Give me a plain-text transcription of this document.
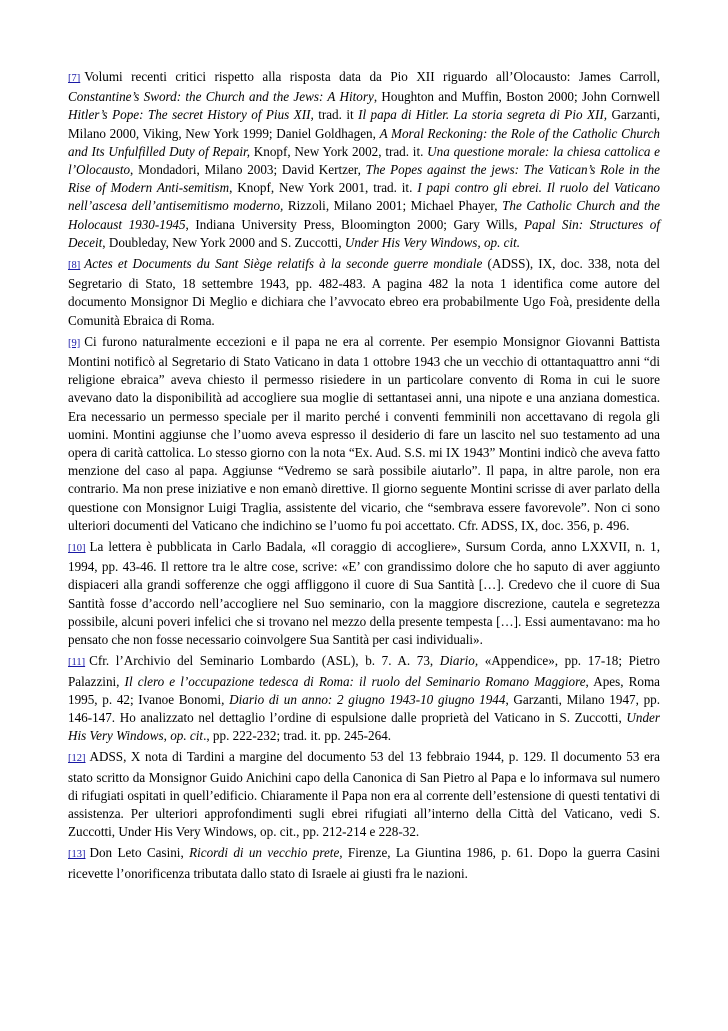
[7] Volumi recenti critici rispetto alla risposta data da Pio XII riguardo all’Olocausto: James Carroll, Constantine’s Sword: the Church and the Jews: A Hitory, Houghton and Muffin, Boston 2000; John Cornwell Hitler’s Pope: The secret History of Pius XII, trad. it Il papa di Hitler. La storia segreta di Pio XII, Garzanti, Milano 2000, Viking, New York 1999; Daniel Goldhagen, A Moral Reckoning: the Role of the Catholic Church and Its Unfulfilled Duty of Repair, Knopf, New York 2002, trad. it. Una questione morale: la chiesa cattolica e l’Olocausto, Mondadori, Milano 2003; David Kertzer, The Popes against the jews: The Vatican’s Role in the Rise of Modern Anti-semitism, Knopf, New York 2001, trad. it. I papi contro gli ebrei. Il ruolo del Vaticano nell’ascesa dell’antisemitismo moderno, Rizzoli, Milano 2001; Michael Phayer, The Catholic Church and the Holocaust 1930-1945, Indiana University Press, Bloomington 2000; Gary Wills, Papal Sin: Structures of Deceit, Doubleday, New York 2000 and S. Zuccotti, Under His Very Windows, op. cit.

[8] Actes et Documents du Sant Siège relatifs à la seconde guerre mondiale (ADSS), IX, doc. 338, nota del Segretario di Stato, 18 settembre 1943, pp. 482-483. A pagina 482 la nota 1 identifica come autore del documento Monsignor Di Meglio e dichiara che l’avvocato ebreo era probabilmente Ugo Foà, presidente della Comunità Ebraica di Roma.

[9] Ci furono naturalmente eccezioni e il papa ne era al corrente. Per esempio Monsignor Giovanni Battista Montini notificò al Segretario di Stato Vaticano in data 1 ottobre 1943 che un vecchio di ottantaquattro anni “di religione ebraica” aveva chiesto il permesso risiedere in un particolare convento di Roma in cui le suore avevano dato la disponibilità ad accogliere sua moglie di settantasei anni, una nipote e una anziana domestica. Era necessario un permesso speciale per il marito perché i conventi femminili non accettavano di regola gli uomini. Montini aggiunse che l’uomo aveva espresso il desiderio di fare un lascito nel suo testamento ad una opera di carità cattolica. Lo stesso giorno con la nota “Ex. Aud. S.S. mi IX 1943” Montini indicò che aveva fatto menzione del caso al papa. Aggiunse “Vedremo se sarà possibile aiutarlo”. Il papa, in altre parole, non era contrario. Ma non prese iniziative e non emanò direttive. Il giorno seguente Montini scrisse di aver parlato della questione con Monsignor Luigi Traglia, assistente del vicario, che “sembrava essere favorevole”. Non ci sono ulteriori documenti del Vaticano che indichino se l’uomo fu poi accettato. Cfr. ADSS, IX, doc. 356, p. 496.

[10] La lettera è pubblicata in Carlo Badala, «Il coraggio di accogliere», Sursum Corda, anno LXXVII, n. 1, 1994, pp. 43-46. Il rettore tra le altre cose, scrive: «E’ con grandissimo dolore che ho saputo di aver aggiunto dispiaceri alla grandi sofferenze che oggi affliggono il cuore di Sua Santità […]. Credevo che il cuore di Sua Santità fosse d’accordo nell’accogliere nel Suo seminario, con la maggiore discrezione, cautela e segretezza possibile, alcuni poveri infelici che si trovano nel mezzo della presente tempesta […]. Essi aumentavano: ma ho pensato che non fosse necessario coinvolgere Sua Santità per casi individuali».

[11] Cfr. l’Archivio del Seminario Lombardo (ASL), b. 7. A. 73, Diario, «Appendice», pp. 17-18; Pietro Palazzini, Il clero e l’occupazione tedesca di Roma: il ruolo del Seminario Romano Maggiore, Apes, Roma 1995, p. 42; Ivanoe Bonomi, Diario di un anno: 2 giugno 1943-10 giugno 1944, Garzanti, Milano 1947, pp. 146-147. Ho analizzato nel dettaglio l’ordine di espulsione dalle proprietà del Vaticano in S. Zuccotti, Under His Very Windows, op. cit., pp. 222-232; trad. it. pp. 245-264.

[12] ADSS, X nota di Tardini a margine del documento 53 del 13 febbraio 1944, p. 129. Il documento 53 era stato scritto da Monsignor Guido Anichini capo della Canonica di San Pietro al Papa e lo informava sul numero di rifugiati ospitati in quell’edificio. Chiaramente il Papa non era al corrente dell’estensione di questi tentativi di assistenza. Per ulteriori approfondimenti sugli ebrei rifugiati all’interno della Città del Vaticano, vedi S. Zuccotti, Under His Very Windows, op. cit., pp. 212-214 e 228-32.

[13] Don Leto Casini, Ricordi di un vecchio prete, Firenze, La Giuntina 1986, p. 61. Dopo la guerra Casini ricevette l’onorificenza tributata dallo stato di Israele ai giusti fra le nazioni.
